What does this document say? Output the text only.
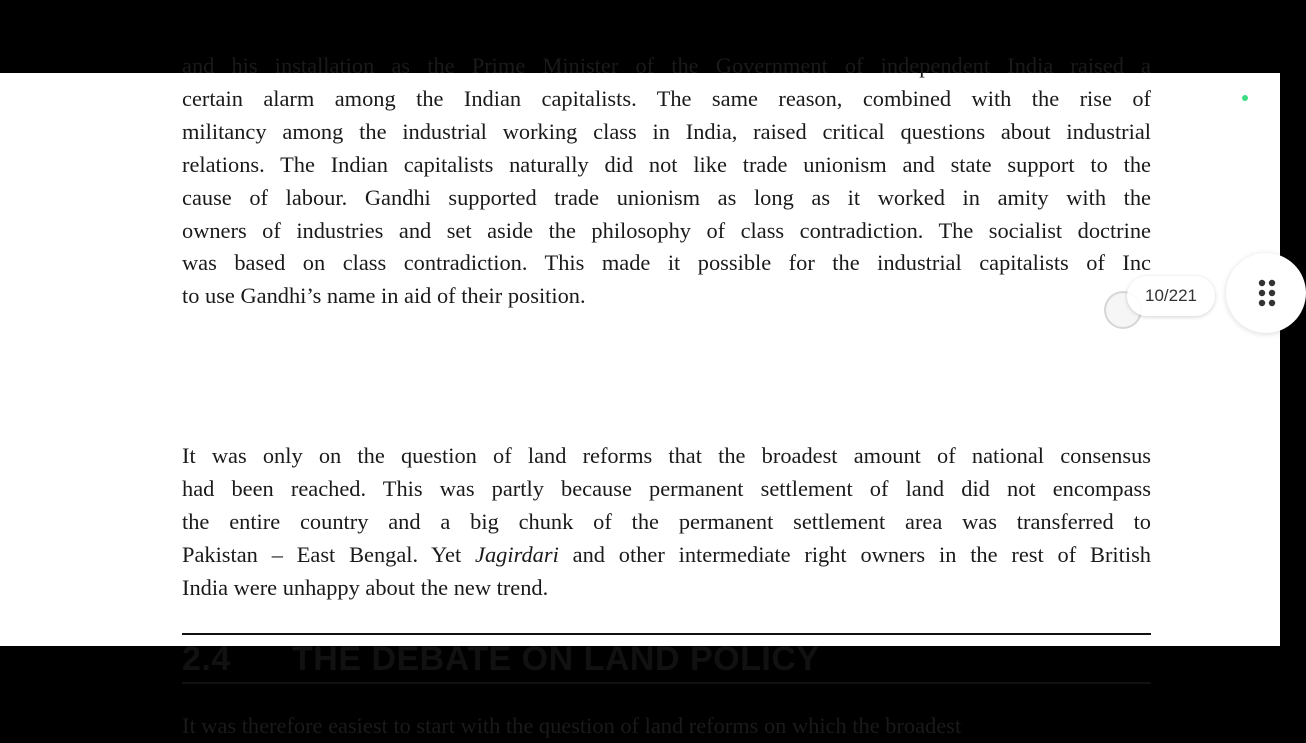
and his installation as the Prime Minister of the Government of independent India raised a
certain alarm among the Indian capitalists. The same reason, combined with the rise of
militancy among the industrial working class in India, raised critical questions about industrial
relations. The Indian capitalists naturally did not like trade unionism and state support to the
cause of labour. Gandhi supported trade unionism as long as it worked in amity with the
owners of industries and set aside the philosophy of class contradiction. The socialist doctrine
was based on class contradiction. This made it possible for the industrial capitalists of Inc
to use Gandhi’s name in aid of their position.
It was only on the question of land reforms that the broadest amount of national consensus
had been reached. This was partly because permanent settlement of land did not encompass
the entire country and a big chunk of the permanent settlement area was transferred to
Pakistan – East Bengal. Yet Jagirdari and other intermediate right owners in the rest of British
India were unhappy about the new trend.
2.4 THE DEBATE ON LAND POLICY
It was therefore easiest to start with the question of land reforms on which the broadest
10/221
